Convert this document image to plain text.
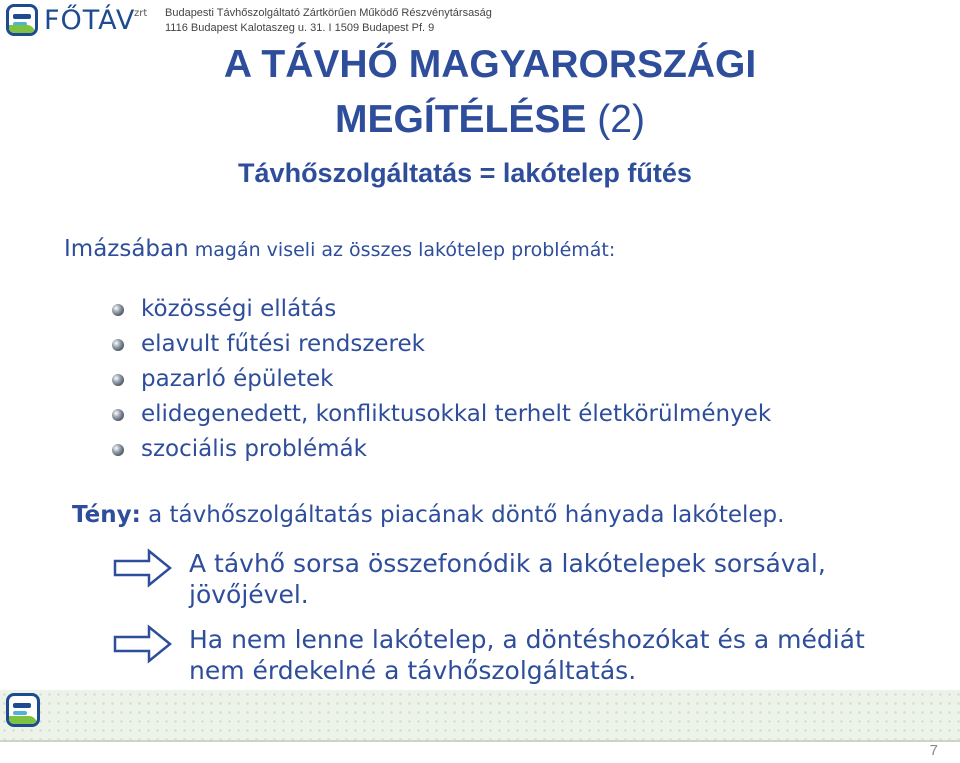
FŐTÁV
zrt Budapesti Távhőszolgáltató Zártkörűen Működő Részvénytársaság
1116 Budapest Kalotaszeg u. 31. I 1509 Budapest Pf. 9
A TÁVHŐ MAGYARORSZÁGI
MEGÍTÉLÉSE (2)
Távhőszolgáltatás = lakótelep fűtés
Imázsában magán viseli az összes lakótelep problémát:
közösségi ellátás
elavult fűtési rendszerek
pazarló épületek
elidegenedett, konfliktusokkal terhelt életkörülmények
szociális problémák
Tény: a távhőszolgáltatás piacának döntő hányada lakótelep.
A távhő sorsa összefonódik a lakótelepek sorsával, jövőjével.
Ha nem lenne lakótelep, a döntéshozókat és a médiát nem érdekelné a távhőszolgáltatás.
7
